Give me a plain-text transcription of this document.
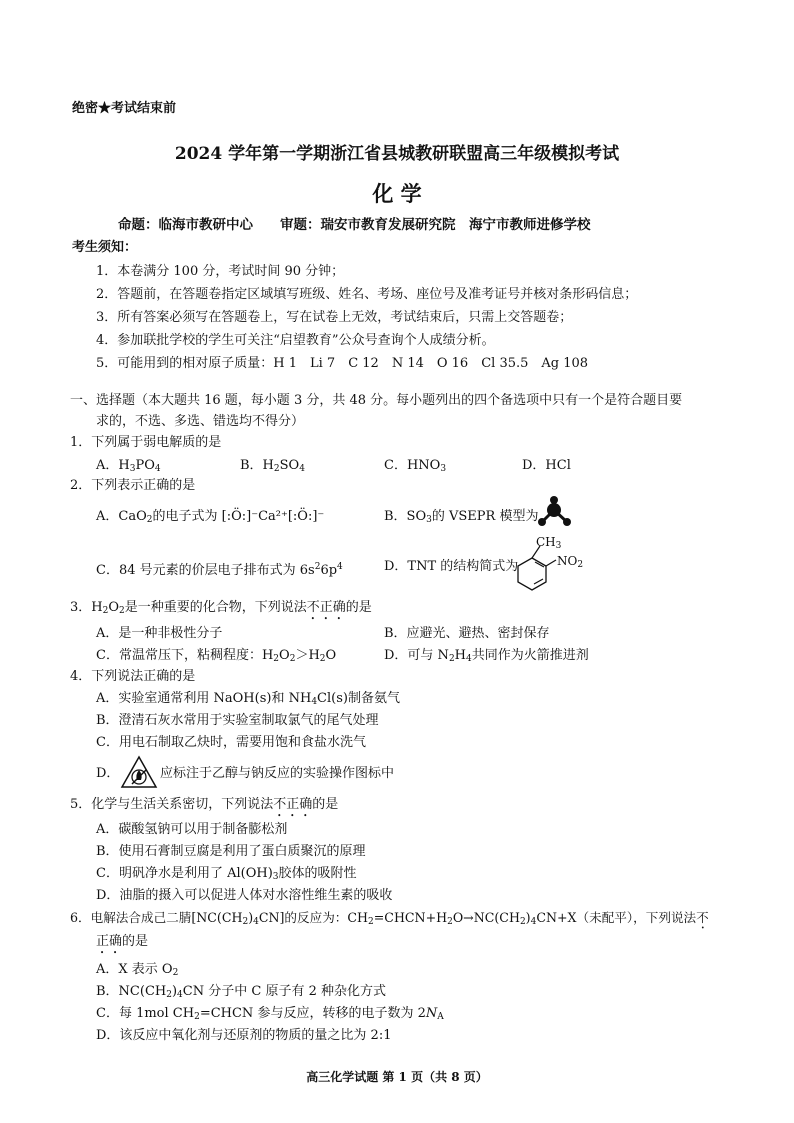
绝密★考试结束前
2024 学年第一学期浙江省县城教研联盟高三年级模拟考试
化 学
命题：临海市教研中心　　审题：瑞安市教育发展研究院　海宁市教师进修学校
考生须知：
1．本卷满分 100 分，考试时间 90 分钟；
2．答题前，在答题卷指定区域填写班级、姓名、考场、座位号及准考证号并核对条形码信息；
3．所有答案必须写在答题卷上，写在试卷上无效，考试结束后，只需上交答题卷；
4．参加联批学校的学生可关注“启望教育”公众号查询个人成绩分析。
5．可能用到的相对原子质量：H 1　Li 7　C 12　N 14　O 16　Cl 35.5　Ag 108
一、选择题（本大题共 16 题，每小题 3 分，共 48 分。每小题列出的四个备选项中只有一个是符合题目要
求的，不选、多选、错选均不得分）
1．下列属于弱电解质的是
A．$H_3PO_4$	B．$H_2SO_4$	C．$HNO_3$	D．HCl
2．下列表示正确的是
A．CaO$_2$的电子式为 [:Ö:]⁻Ca²⁺[:Ö:]⁻	B．$SO_3$的 VSEPR 模型为
C．84 号元素的价层电子排布式为 $6s^26p^4$	D．TNT 的结构简式为
$CH_3$
$NO_2$
3．$H_2O_2$是一种重要的化合物，下列说法不正确的是
A．是一种非极性分子	B．应避光、避热、密封保存
C．常温常压下，粘稠程度：$H_2O_2>H_2O$	D．可与 $N_2H_4$共同作为火箭推进剂
4．下列说法正确的是
A．实验室通常利用 NaOH(s)和 $NH_4Cl(s)$制备氨气
B．澄清石灰水常用于实验室制取氯气的尾气处理
C．用电石制取乙炔时，需要用饱和食盐水洗气
D．	应标注于乙醇与钠反应的实验操作图标中
5．化学与生活关系密切，下列说法不正确的是
A．碳酸氢钠可以用于制备膨松剂
B．使用石膏制豆腐是利用了蛋白质聚沉的原理
C．明矾净水是利用了 $Al(OH)_3$胶体的吸附性
D．油脂的摄入可以促进人体对水溶性维生素的吸收
6．电解法合成己二腈$[NC(CH_2)_4CN]$的反应为：$CH_2=CHCN+H_2O\to NC(CH_2)_4CN+X$（未配平），下列说法不
正确的是
A．X 表示 $O_2$
B．$NC(CH_2)_4CN$ 分子中 C 原子有 2 种杂化方式
C．每 1mol $CH_2=CHCN$ 参与反应，转移的电子数为 $2N_A$
D．该反应中氧化剂与还原剂的物质的量之比为 2:1
高三化学试题 第 1 页（共 8 页）
